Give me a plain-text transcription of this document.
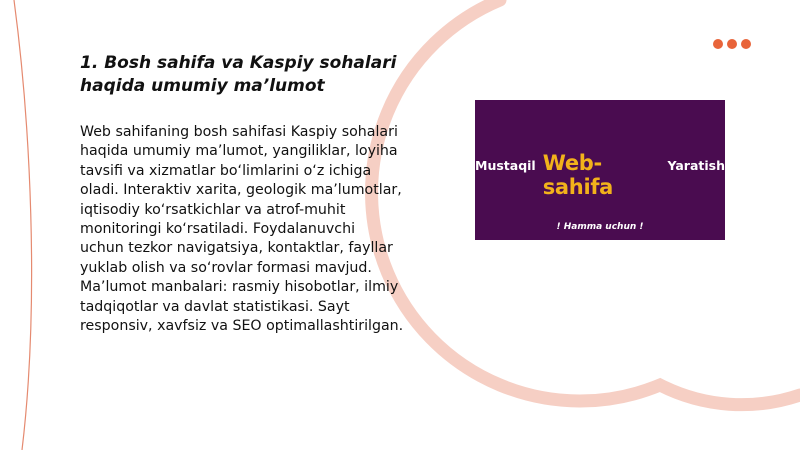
1. Bosh sahifa va Kaspiy sohalari
haqida umumiy ma’lumot
Web sahifaning bosh sahifasi Kaspiy sohalari
haqida umumiy ma’lumot, yangiliklar, loyiha
tavsifi va xizmatlar bo‘limlarini o‘z ichiga
oladi. Interaktiv xarita, geologik ma’lumotlar,
iqtisodiy ko‘rsatkichlar va atrof-muhit
monitoringi ko‘rsatiladi. Foydalanuvchi
uchun tezkor navigatsiya, kontaktlar, fayllar
yuklab olish va so‘rovlar formasi mavjud.
Ma’lumot manbalari: rasmiy hisobotlar, ilmiy
tadqiqotlar va davlat statistikasi. Sayt
responsiv, xavfsiz va SEO optimallashtirilgan.
Mustaqil Web-sahifa
Yaratish
! Hamma uchun !
